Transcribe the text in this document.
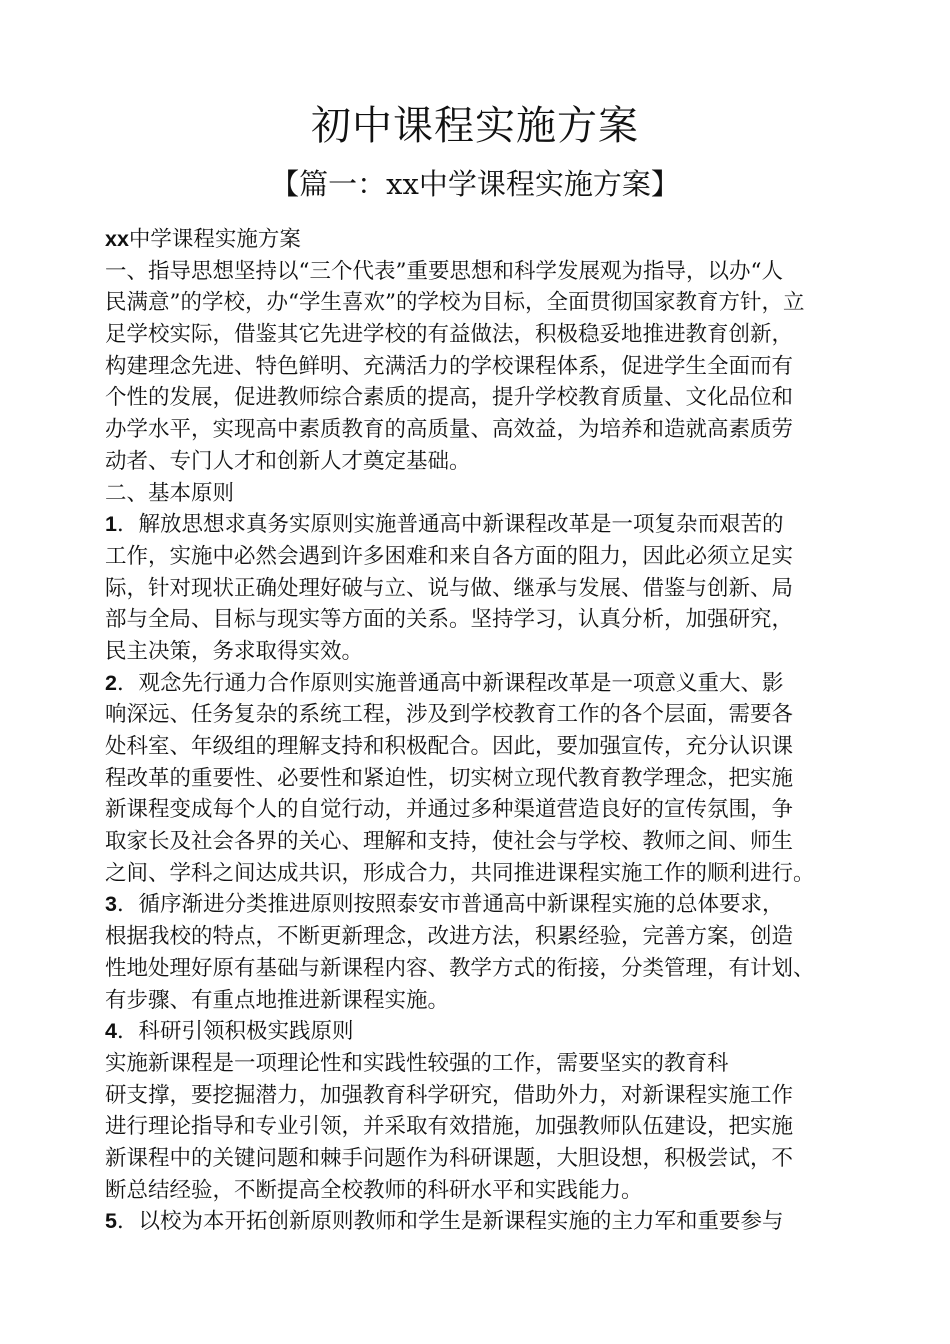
初中课程实施方案
【篇一：xx中学课程实施方案】
xx中学课程实施方案
一、指导思想坚持以“三个代表”重要思想和科学发展观为指导，以办“人
民满意”的学校，办“学生喜欢”的学校为目标，全面贯彻国家教育方针，立
足学校实际，借鉴其它先进学校的有益做法，积极稳妥地推进教育创新，
构建理念先进、特色鲜明、充满活力的学校课程体系，促进学生全面而有
个性的发展，促进教师综合素质的提高，提升学校教育质量、文化品位和
办学水平，实现高中素质教育的高质量、高效益，为培养和造就高素质劳
动者、专门人才和创新人才奠定基础。
二、基本原则
1．解放思想求真务实原则实施普通高中新课程改革是一项复杂而艰苦的
工作，实施中必然会遇到许多困难和来自各方面的阻力，因此必须立足实
际，针对现状正确处理好破与立、说与做、继承与发展、借鉴与创新、局
部与全局、目标与现实等方面的关系。坚持学习，认真分析，加强研究，
民主决策，务求取得实效。
2．观念先行通力合作原则实施普通高中新课程改革是一项意义重大、影
响深远、任务复杂的系统工程，涉及到学校教育工作的各个层面，需要各
处科室、年级组的理解支持和积极配合。因此，要加强宣传，充分认识课
程改革的重要性、必要性和紧迫性，切实树立现代教育教学理念，把实施
新课程变成每个人的自觉行动，并通过多种渠道营造良好的宣传氛围，争
取家长及社会各界的关心、理解和支持，使社会与学校、教师之间、师生
之间、学科之间达成共识，形成合力，共同推进课程实施工作的顺利进行。
3．循序渐进分类推进原则按照泰安市普通高中新课程实施的总体要求，
根据我校的特点，不断更新理念，改进方法，积累经验，完善方案，创造
性地处理好原有基础与新课程内容、教学方式的衔接，分类管理，有计划、
有步骤、有重点地推进新课程实施。
4．科研引领积极实践原则
实施新课程是一项理论性和实践性较强的工作，需要坚实的教育科
研支撑，要挖掘潜力，加强教育科学研究，借助外力，对新课程实施工作
进行理论指导和专业引领，并采取有效措施，加强教师队伍建设，把实施
新课程中的关键问题和棘手问题作为科研课题，大胆设想，积极尝试，不
断总结经验，不断提高全校教师的科研水平和实践能力。
5．以校为本开拓创新原则教师和学生是新课程实施的主力军和重要参与
